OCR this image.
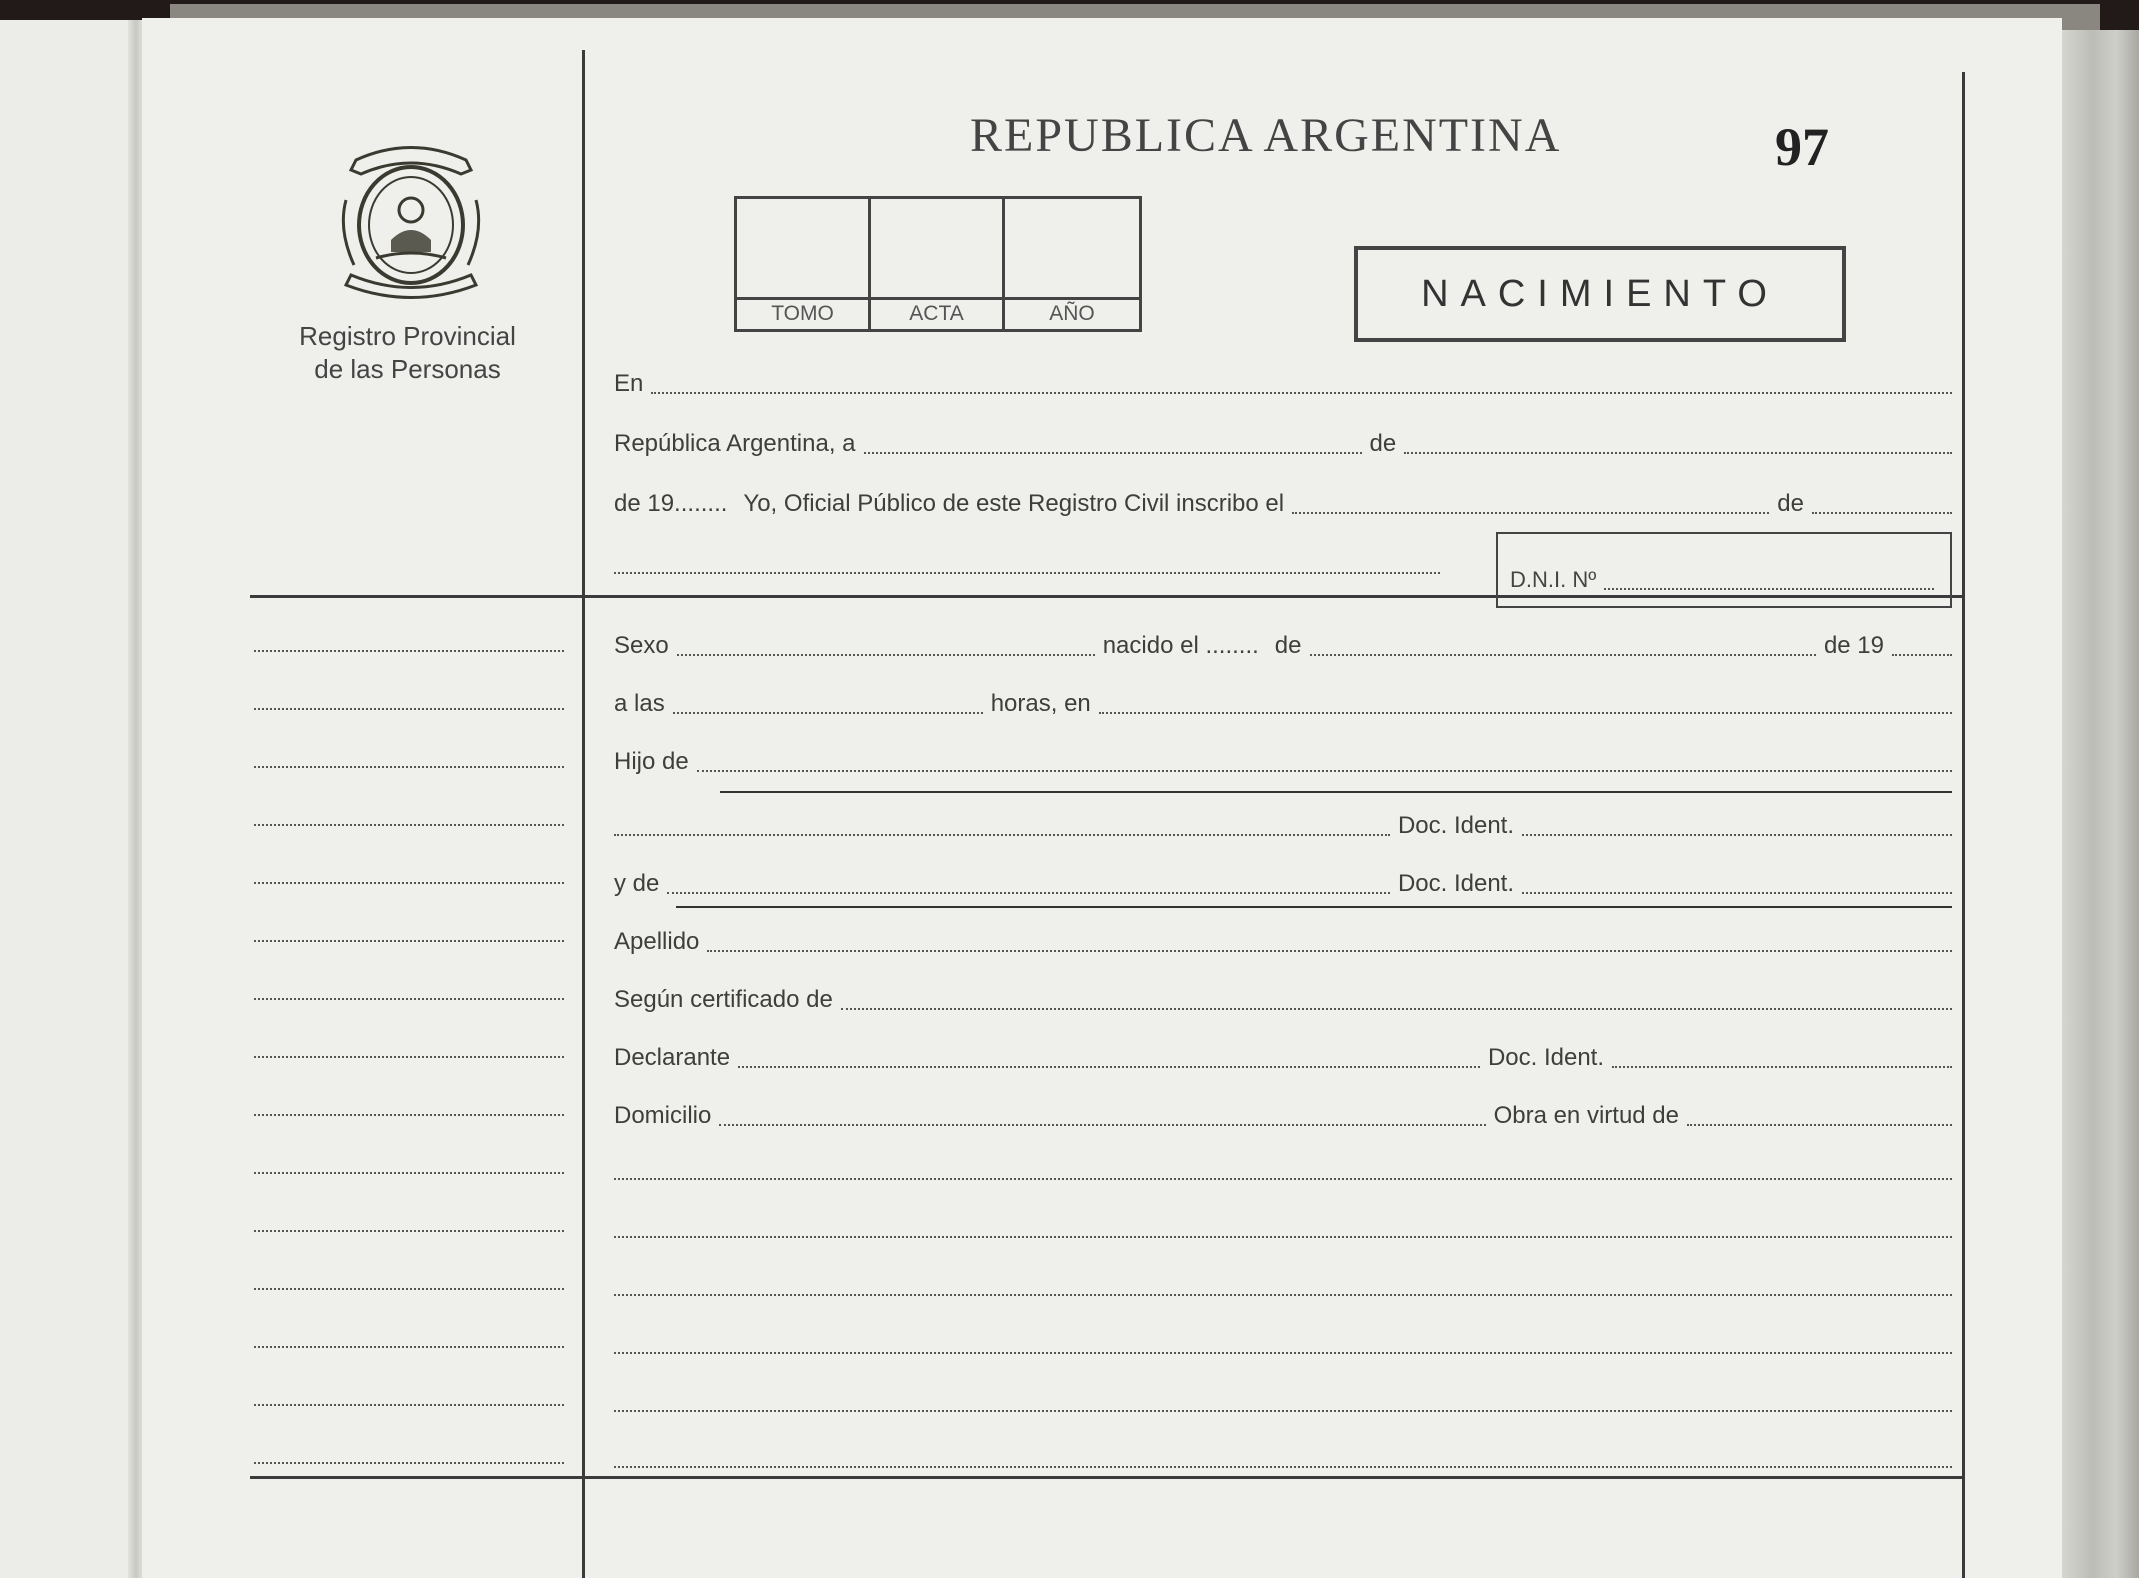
Registro Provincial
de las Personas
REPUBLICA ARGENTINA	97
TOMO	ACTA	AÑO	NACIMIENTO
En
República Argentina, a	de
de 19........ Yo, Oficial Público de este Registro Civil inscribo el	de
D.N.I. Nº
Sexo	nacido el ........ de	de 19
a las	horas, en
Hijo de
Doc. Ident.
y de	Doc. Ident.
Apellido
Según certificado de
Declarante	Doc. Ident.
Domicilio	Obra en virtud de
